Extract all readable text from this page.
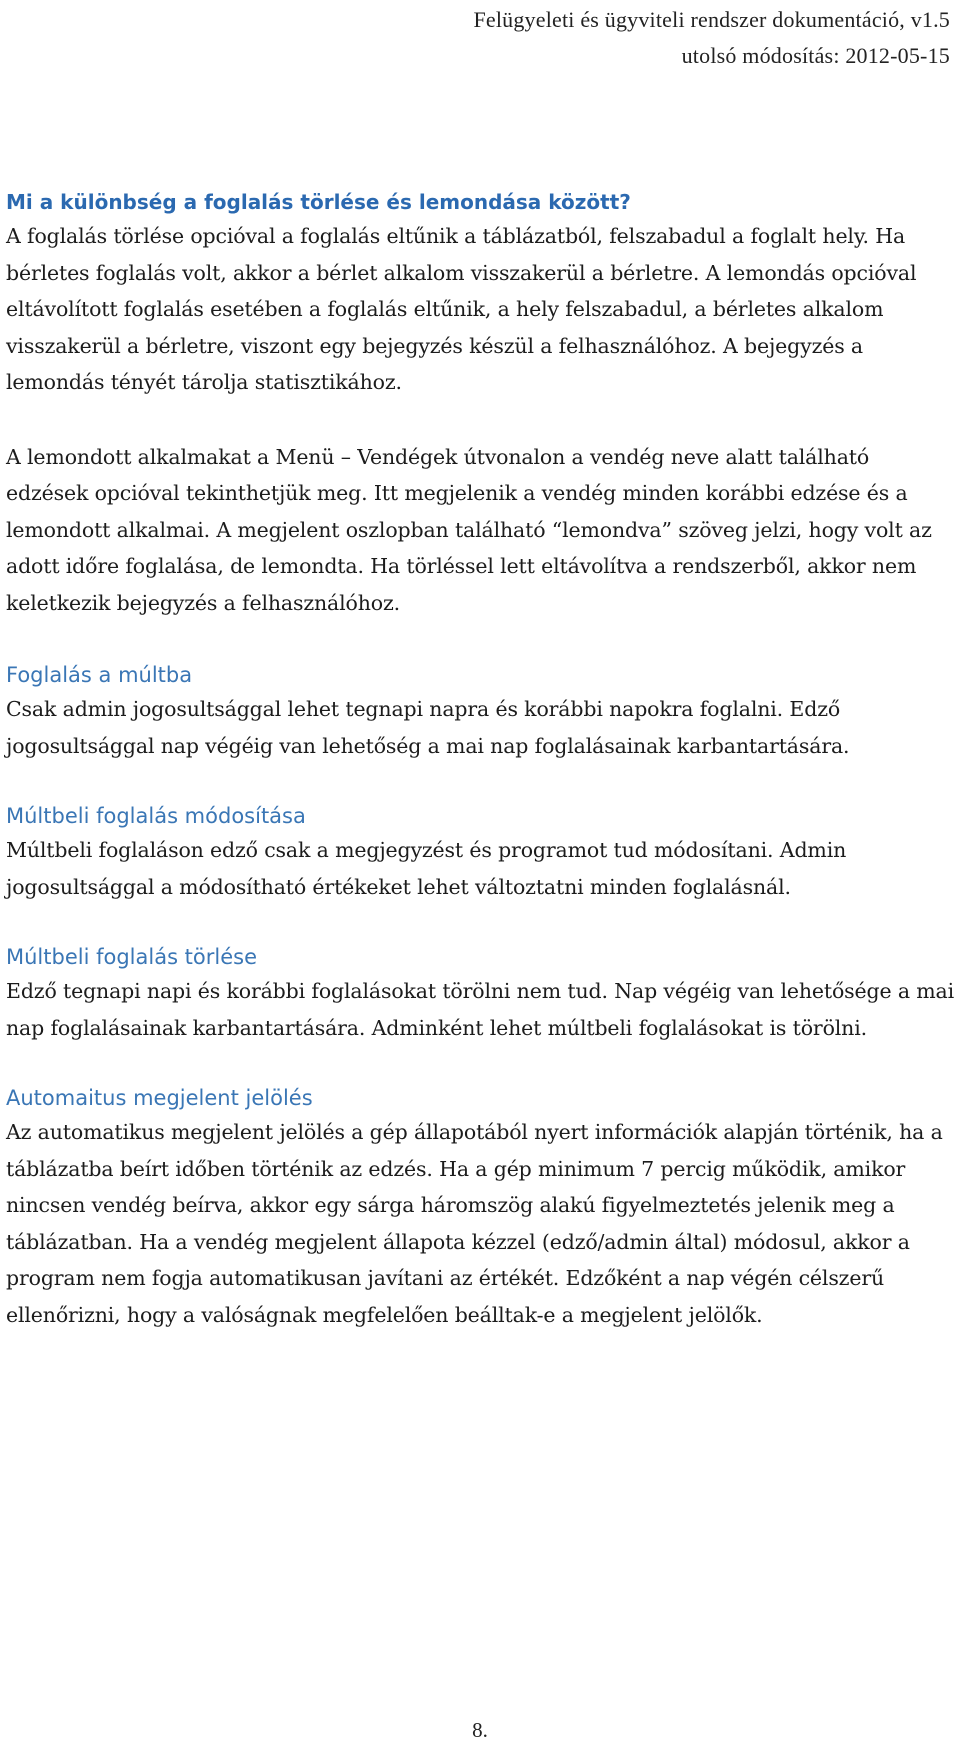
Felügyeleti és ügyviteli rendszer dokumentáció, v1.5
utolsó módosítás: 2012-05-15
Mi a különbség a foglalás törlése és lemondása között?

A foglalás törlése opcióval a foglalás eltűnik a táblázatból, felszabadul a foglalt hely. Ha bérletes foglalás volt, akkor a bérlet alkalom visszakerül a bérletre. A lemondás opcióval eltávolított foglalás esetében a foglalás eltűnik, a hely felszabadul, a bérletes alkalom visszakerül a bérletre, viszont egy bejegyzés készül a felhasználóhoz. A bejegyzés a lemondás tényét tárolja statisztikához.

A lemondott alkalmakat a Menü – Vendégek útvonalon a vendég neve alatt található edzések opcióval tekinthetjük meg. Itt megjelenik a vendég minden korábbi edzése és a lemondott alkalmai. A megjelent oszlopban található “lemondva” szöveg jelzi, hogy volt az adott időre foglalása, de lemondta. Ha törléssel lett eltávolítva a rendszerből, akkor nem keletkezik bejegyzés a felhasználóhoz.

Foglalás a múltba

Csak admin jogosultsággal lehet tegnapi napra és korábbi napokra foglalni. Edző jogosultsággal nap végéig van lehetőség a mai nap foglalásainak karbantartására.

Múltbeli foglalás módosítása

Múltbeli foglaláson edző csak a megjegyzést és programot tud módosítani. Admin jogosultsággal a módosítható értékeket lehet változtatni minden foglalásnál.

Múltbeli foglalás törlése

Edző tegnapi napi és korábbi foglalásokat törölni nem tud. Nap végéig van lehetősége a mai nap foglalásainak karbantartására. Adminként lehet múltbeli foglalásokat is törölni.

Automaitus megjelent jelölés

Az automatikus megjelent jelölés a gép állapotából nyert információk alapján történik, ha a táblázatba beírt időben történik az edzés. Ha a gép minimum 7 percig működik, amikor nincsen vendég beírva, akkor egy sárga háromszög alakú figyelmeztetés jelenik meg a táblázatban. Ha a vendég megjelent állapota kézzel (edző/admin által) módosul, akkor a program nem fogja automatikusan javítani az értékét. Edzőként a nap végén célszerű ellenőrizni, hogy a valóságnak megfelelően beálltak-e a megjelent jelölők.

8.
